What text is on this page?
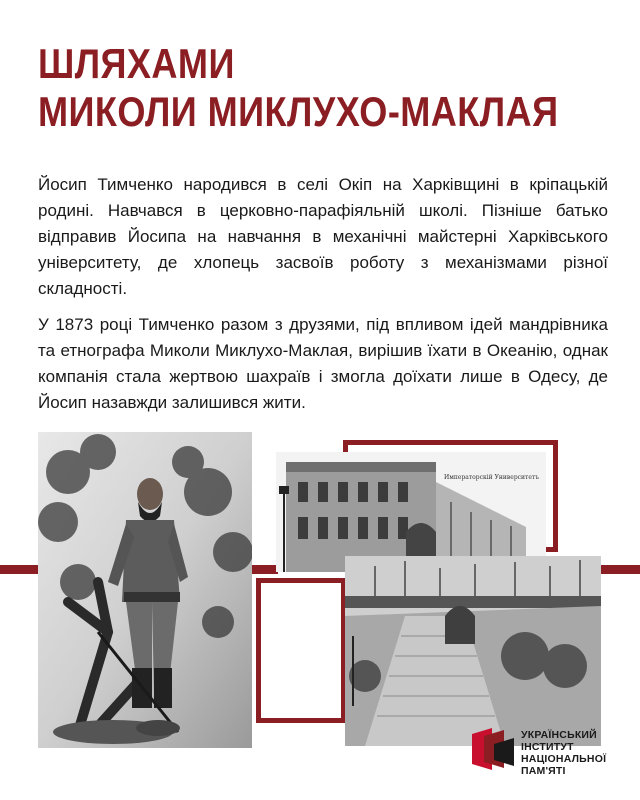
ШЛЯХАМИ
МИКОЛИ МИКЛУХО-МАКЛАЯ

Йосип Тимченко народився в селі Окіп на Харківщині в кріпацькій родині. Навчався в церковно-парафіяльній школі. Пізніше батько відправив Йосипа на навчання в механічні майстерні Харківського університету, де хлопець засвоїв роботу з механізмами різної складності.

У 1873 році Тимченко разом з друзями, під впливом ідей мандрівника та етнографа Миколи Миклухо-Маклая, вирішив їхати в Океанію, однак компанія стала жертвою шахраїв і змогла доїхати лише в Одесу, де Йосип назавжди залишився жити.

Императорскій Университетъ
УКРАЇНСЬКИЙ
ІНСТИТУТ
НАЦІОНАЛЬНОЇ
ПАМ'ЯТІ
